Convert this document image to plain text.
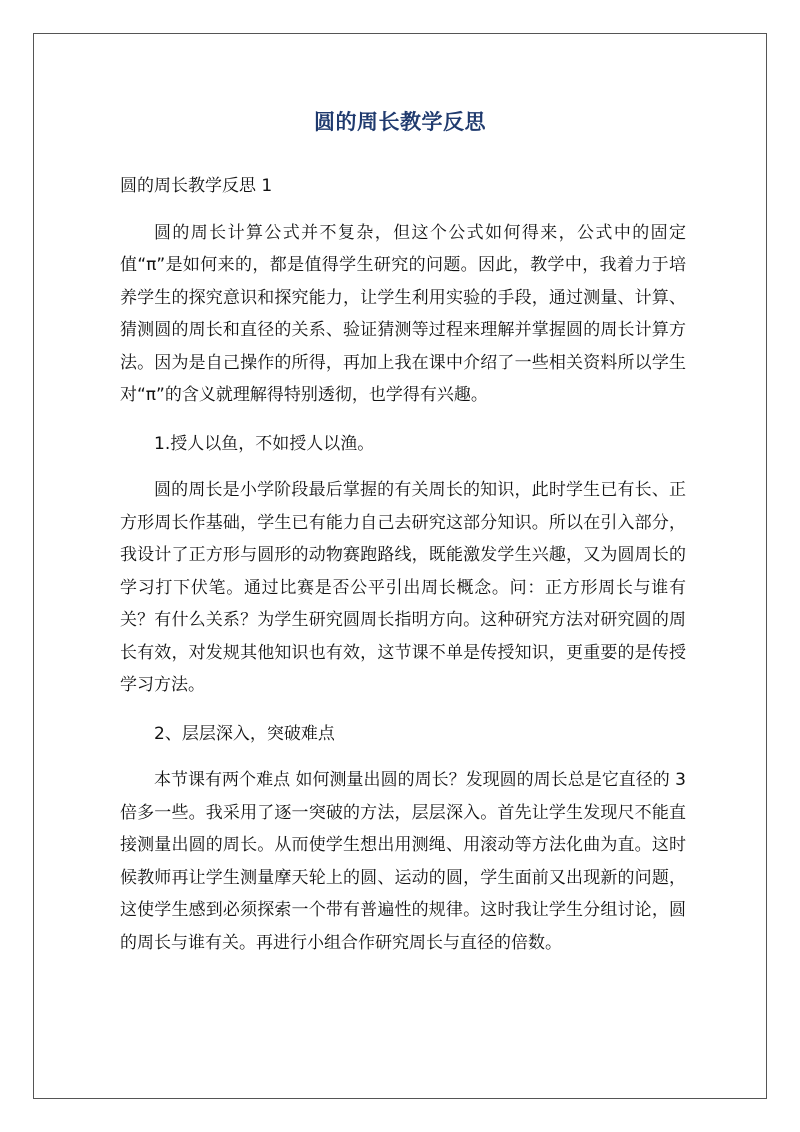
圆的周长教学反思

圆的周长教学反思 1

圆的周长计算公式并不复杂，但这个公式如何得来，公式中的固定值“π”是如何来的，都是值得学生研究的问题。因此，教学中，我着力于培养学生的探究意识和探究能力，让学生利用实验的手段，通过测量、计算、猜测圆的周长和直径的关系、验证猜测等过程来理解并掌握圆的周长计算方法。因为是自己操作的所得，再加上我在课中介绍了一些相关资料所以学生对“π”的含义就理解得特别透彻，也学得有兴趣。

1.授人以鱼，不如授人以渔。

圆的周长是小学阶段最后掌握的有关周长的知识，此时学生已有长、正方形周长作基础，学生已有能力自己去研究这部分知识。所以在引入部分，我设计了正方形与圆形的动物赛跑路线，既能激发学生兴趣，又为圆周长的学习打下伏笔。通过比赛是否公平引出周长概念。问：正方形周长与谁有关？有什么关系？为学生研究圆周长指明方向。这种研究方法对研究圆的周长有效，对发规其他知识也有效，这节课不单是传授知识，更重要的是传授学习方法。

2、层层深入，突破难点

本节课有两个难点 如何测量出圆的周长？发现圆的周长总是它直径的 3 倍多一些。我采用了逐一突破的方法，层层深入。首先让学生发现尺不能直接测量出圆的周长。从而使学生想出用测绳、用滚动等方法化曲为直。这时候教师再让学生测量摩天轮上的圆、运动的圆，学生面前又出现新的问题，这使学生感到必须探索一个带有普遍性的规律。这时我让学生分组讨论，圆的周长与谁有关。再进行小组合作研究周长与直径的倍数。
